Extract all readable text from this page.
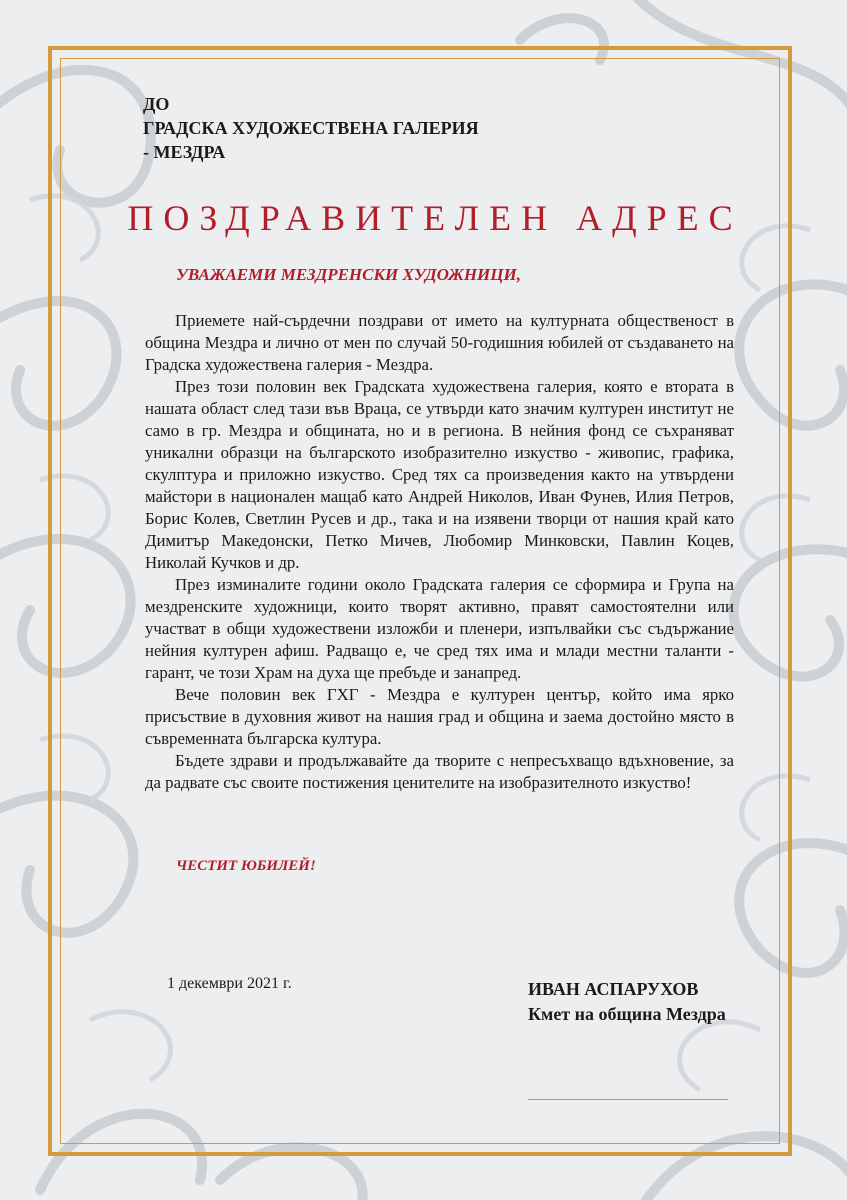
ДО
ГРАДСКА ХУДОЖЕСТВЕНА ГАЛЕРИЯ
- МЕЗДРА
ПОЗДРАВИТЕЛЕН АДРЕС
УВАЖАЕМИ МЕЗДРЕНСКИ ХУДОЖНИЦИ,

Приемете най-сърдечни поздрави от името на културната общественост в община Мездра и лично от мен по случай 50-годишния юбилей от създаването на Градска художествена галерия - Мездра.

През този половин век Градската художествена галерия, която е втората в нашата област след тази във Враца, се утвърди като значим културен институт не само в гр. Мездра и общината, но и в региона. В нейния фонд се съхраняват уникални образци на българското изобразително изкуство - живопис, графика, скулптура и приложно изкуство. Сред тях са произведения както на утвърдени майстори в национален мащаб като Андрей Николов, Иван Фунев, Илия Петров, Борис Колев, Светлин Русев и др., така и на изявени творци от нашия край като Димитър Македонски, Петко Мичев, Любомир Минковски, Павлин Коцев, Николай Кучков и др.

През изминалите години около Градската галерия се сформира и Група на мездренските художници, които творят активно, правят самостоятелни или участват в общи художествени изложби и пленери, изпълвайки със съдържание нейния културен афиш. Радващо е, че сред тях има и млади местни таланти - гарант, че този Храм на духа ще пребъде и занапред.

Вече половин век ГХГ - Мездра е културен център, който има ярко присъствие в духовния живот на нашия град и община и заема достойно място в съвременната българска култура.

Бъдете здрави и продължавайте да творите с непресъхващо вдъхновение, за да радвате със своите постижения ценителите на изобразителното изкуство!

ЧЕСТИТ ЮБИЛЕЙ!
1 декември 2021 г.	ИВАН АСПАРУХОВ
Кмет на община Мездра
